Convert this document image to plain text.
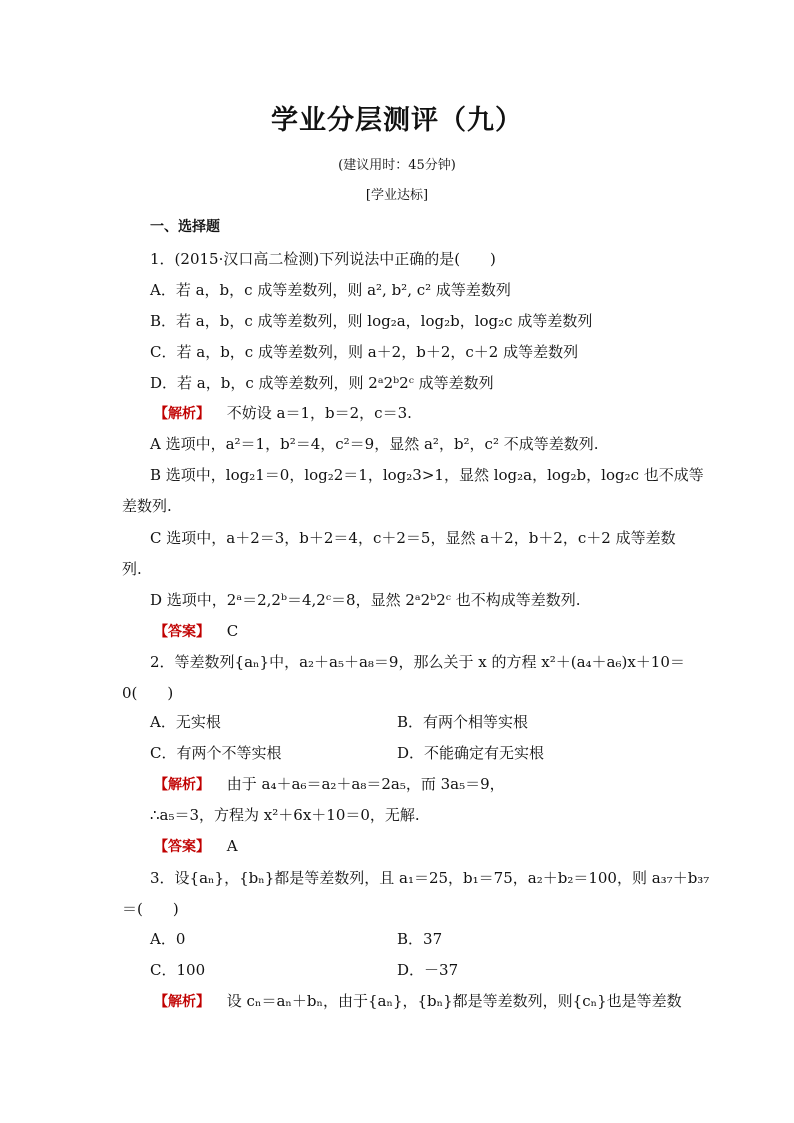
学业分层测评（九）
(建议用时：45分钟)
[学业达标]
一、选择题
1．(2015·汉口高二检测)下列说法中正确的是(　　)
A．若 a，b，c 成等差数列，则 a², b², c² 成等差数列
B．若 a，b，c 成等差数列，则 log₂a，log₂b，log₂c 成等差数列
C．若 a，b，c 成等差数列，则 a＋2，b＋2，c＋2 成等差数列
D．若 a，b，c 成等差数列，则 2ᵃ2ᵇ2ᶜ 成等差数列
【解析】 不妨设 a＝1，b＝2，c＝3.
A 选项中，a²＝1，b²＝4，c²＝9，显然 a²，b²，c² 不成等差数列.
B 选项中，log₂1＝0，log₂2＝1，log₂3>1，显然 log₂a，log₂b，log₂c 也不成等
差数列.
C 选项中，a＋2＝3，b＋2＝4，c＋2＝5，显然 a＋2，b＋2，c＋2 成等差数
列.
D 选项中，2ᵃ＝2,2ᵇ＝4,2ᶜ＝8，显然 2ᵃ2ᵇ2ᶜ 也不构成等差数列.
【答案】 C
2．等差数列{aₙ}中，a₂＋a₅＋a₈＝9，那么关于 x 的方程 x²＋(a₄＋a₆)x＋10＝
0(　　)
A．无实根	B．有两个相等实根
C．有两个不等实根	D．不能确定有无实根
【解析】 由于 a₄＋a₆＝a₂＋a₈＝2a₅，而 3a₅＝9，
∴a₅＝3，方程为 x²＋6x＋10＝0，无解.
【答案】 A
3．设{aₙ}，{bₙ}都是等差数列，且 a₁＝25，b₁＝75，a₂＋b₂＝100，则 a₃₇＋b₃₇
＝(　　)
A．0	B．37
C．100	D．－37
【解析】 设 cₙ＝aₙ＋bₙ，由于{aₙ}，{bₙ}都是等差数列，则{cₙ}也是等差数
